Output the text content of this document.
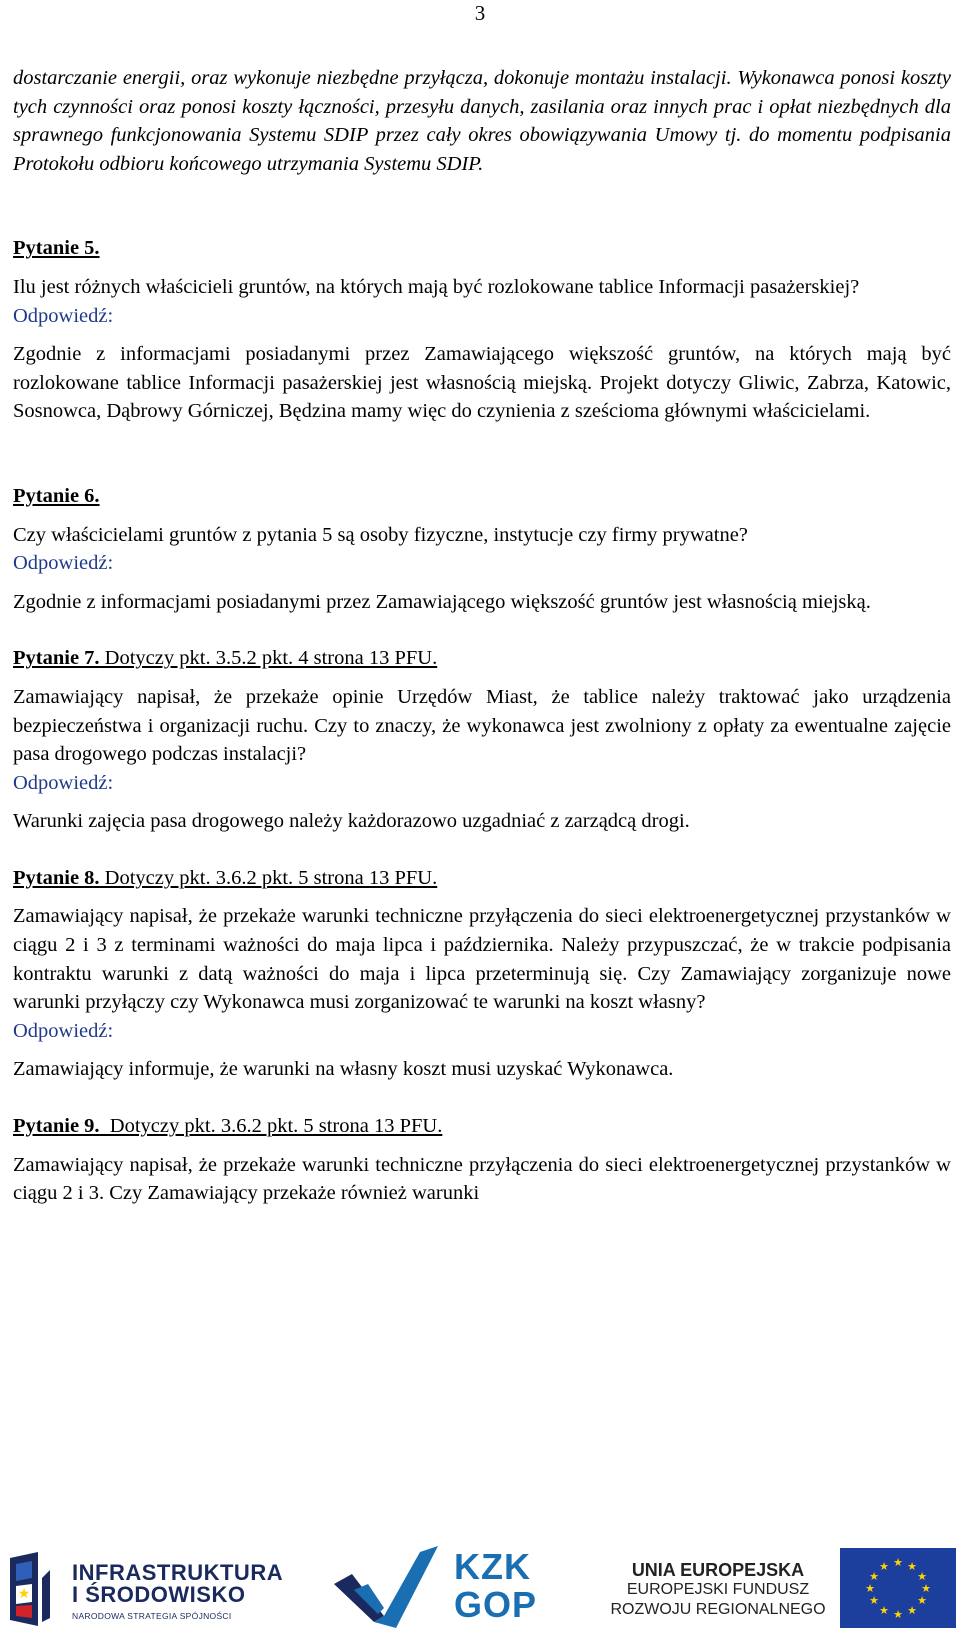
3

dostarczanie energii, oraz wykonuje niezbędne przyłącza, dokonuje montażu instalacji. Wykonawca ponosi koszty tych czynności oraz ponosi koszty łączności, przesyłu danych, zasilania oraz innych prac i opłat niezbędnych dla sprawnego funkcjonowania Systemu SDIP przez cały okres obowiązywania Umowy tj. do momentu podpisania Protokołu odbioru końcowego utrzymania Systemu SDIP.

Pytanie 5.

Ilu jest różnych właścicieli gruntów, na których mają być rozlokowane tablice Informacji pasażerskiej?

Odpowiedź:

Zgodnie z informacjami posiadanymi przez Zamawiającego większość gruntów, na których mają być rozlokowane tablice Informacji pasażerskiej jest własnością miejską. Projekt dotyczy Gliwic, Zabrza, Katowic, Sosnowca, Dąbrowy Górniczej, Będzina mamy więc do czynienia z sześcioma głównymi właścicielami.

Pytanie 6.

Czy właścicielami gruntów z pytania 5 są osoby fizyczne, instytucje czy firmy prywatne?

Odpowiedź:

Zgodnie z informacjami posiadanymi przez Zamawiającego większość gruntów jest własnością miejską.

Pytanie 7. Dotyczy pkt. 3.5.2 pkt. 4 strona 13 PFU.

Zamawiający napisał, że przekaże opinie Urzędów Miast, że tablice należy traktować jako urządzenia bezpieczeństwa i organizacji ruchu. Czy to znaczy, że wykonawca jest zwolniony z opłaty za ewentualne zajęcie pasa drogowego podczas instalacji?

Odpowiedź:

Warunki zajęcia pasa drogowego należy każdorazowo uzgadniać z zarządcą drogi.

Pytanie 8. Dotyczy pkt. 3.6.2 pkt. 5 strona 13 PFU.

Zamawiający napisał, że przekaże warunki techniczne przyłączenia do sieci elektroenergetycznej przystanków w ciągu 2 i 3 z terminami ważności do maja lipca i października. Należy przypuszczać, że w trakcie podpisania kontraktu warunki z datą ważności do maja i lipca przeterminują się. Czy Zamawiający zorganizuje nowe warunki przyłączy czy Wykonawca musi zorganizować te warunki na koszt własny?

Odpowiedź:

Zamawiający informuje, że warunki na własny koszt musi uzyskać Wykonawca.

Pytanie 9.  Dotyczy pkt. 3.6.2 pkt. 5 strona 13 PFU.

Zamawiający napisał, że przekaże warunki techniczne przyłączenia do sieci elektroenergetycznej przystanków w ciągu 2 i 3. Czy Zamawiający przekaże również warunki

★
INFRASTRUKTURA
I ŚRODOWISKO
NARODOWA STRATEGIA SPÓJNOŚCI
KZK
GOP
UNIA EUROPEJSKA
EUROPEJSKI FUNDUSZ
ROZWOJU REGIONALNEGO
★ ★
★
★
★
★
★
★
★
★
★
★
